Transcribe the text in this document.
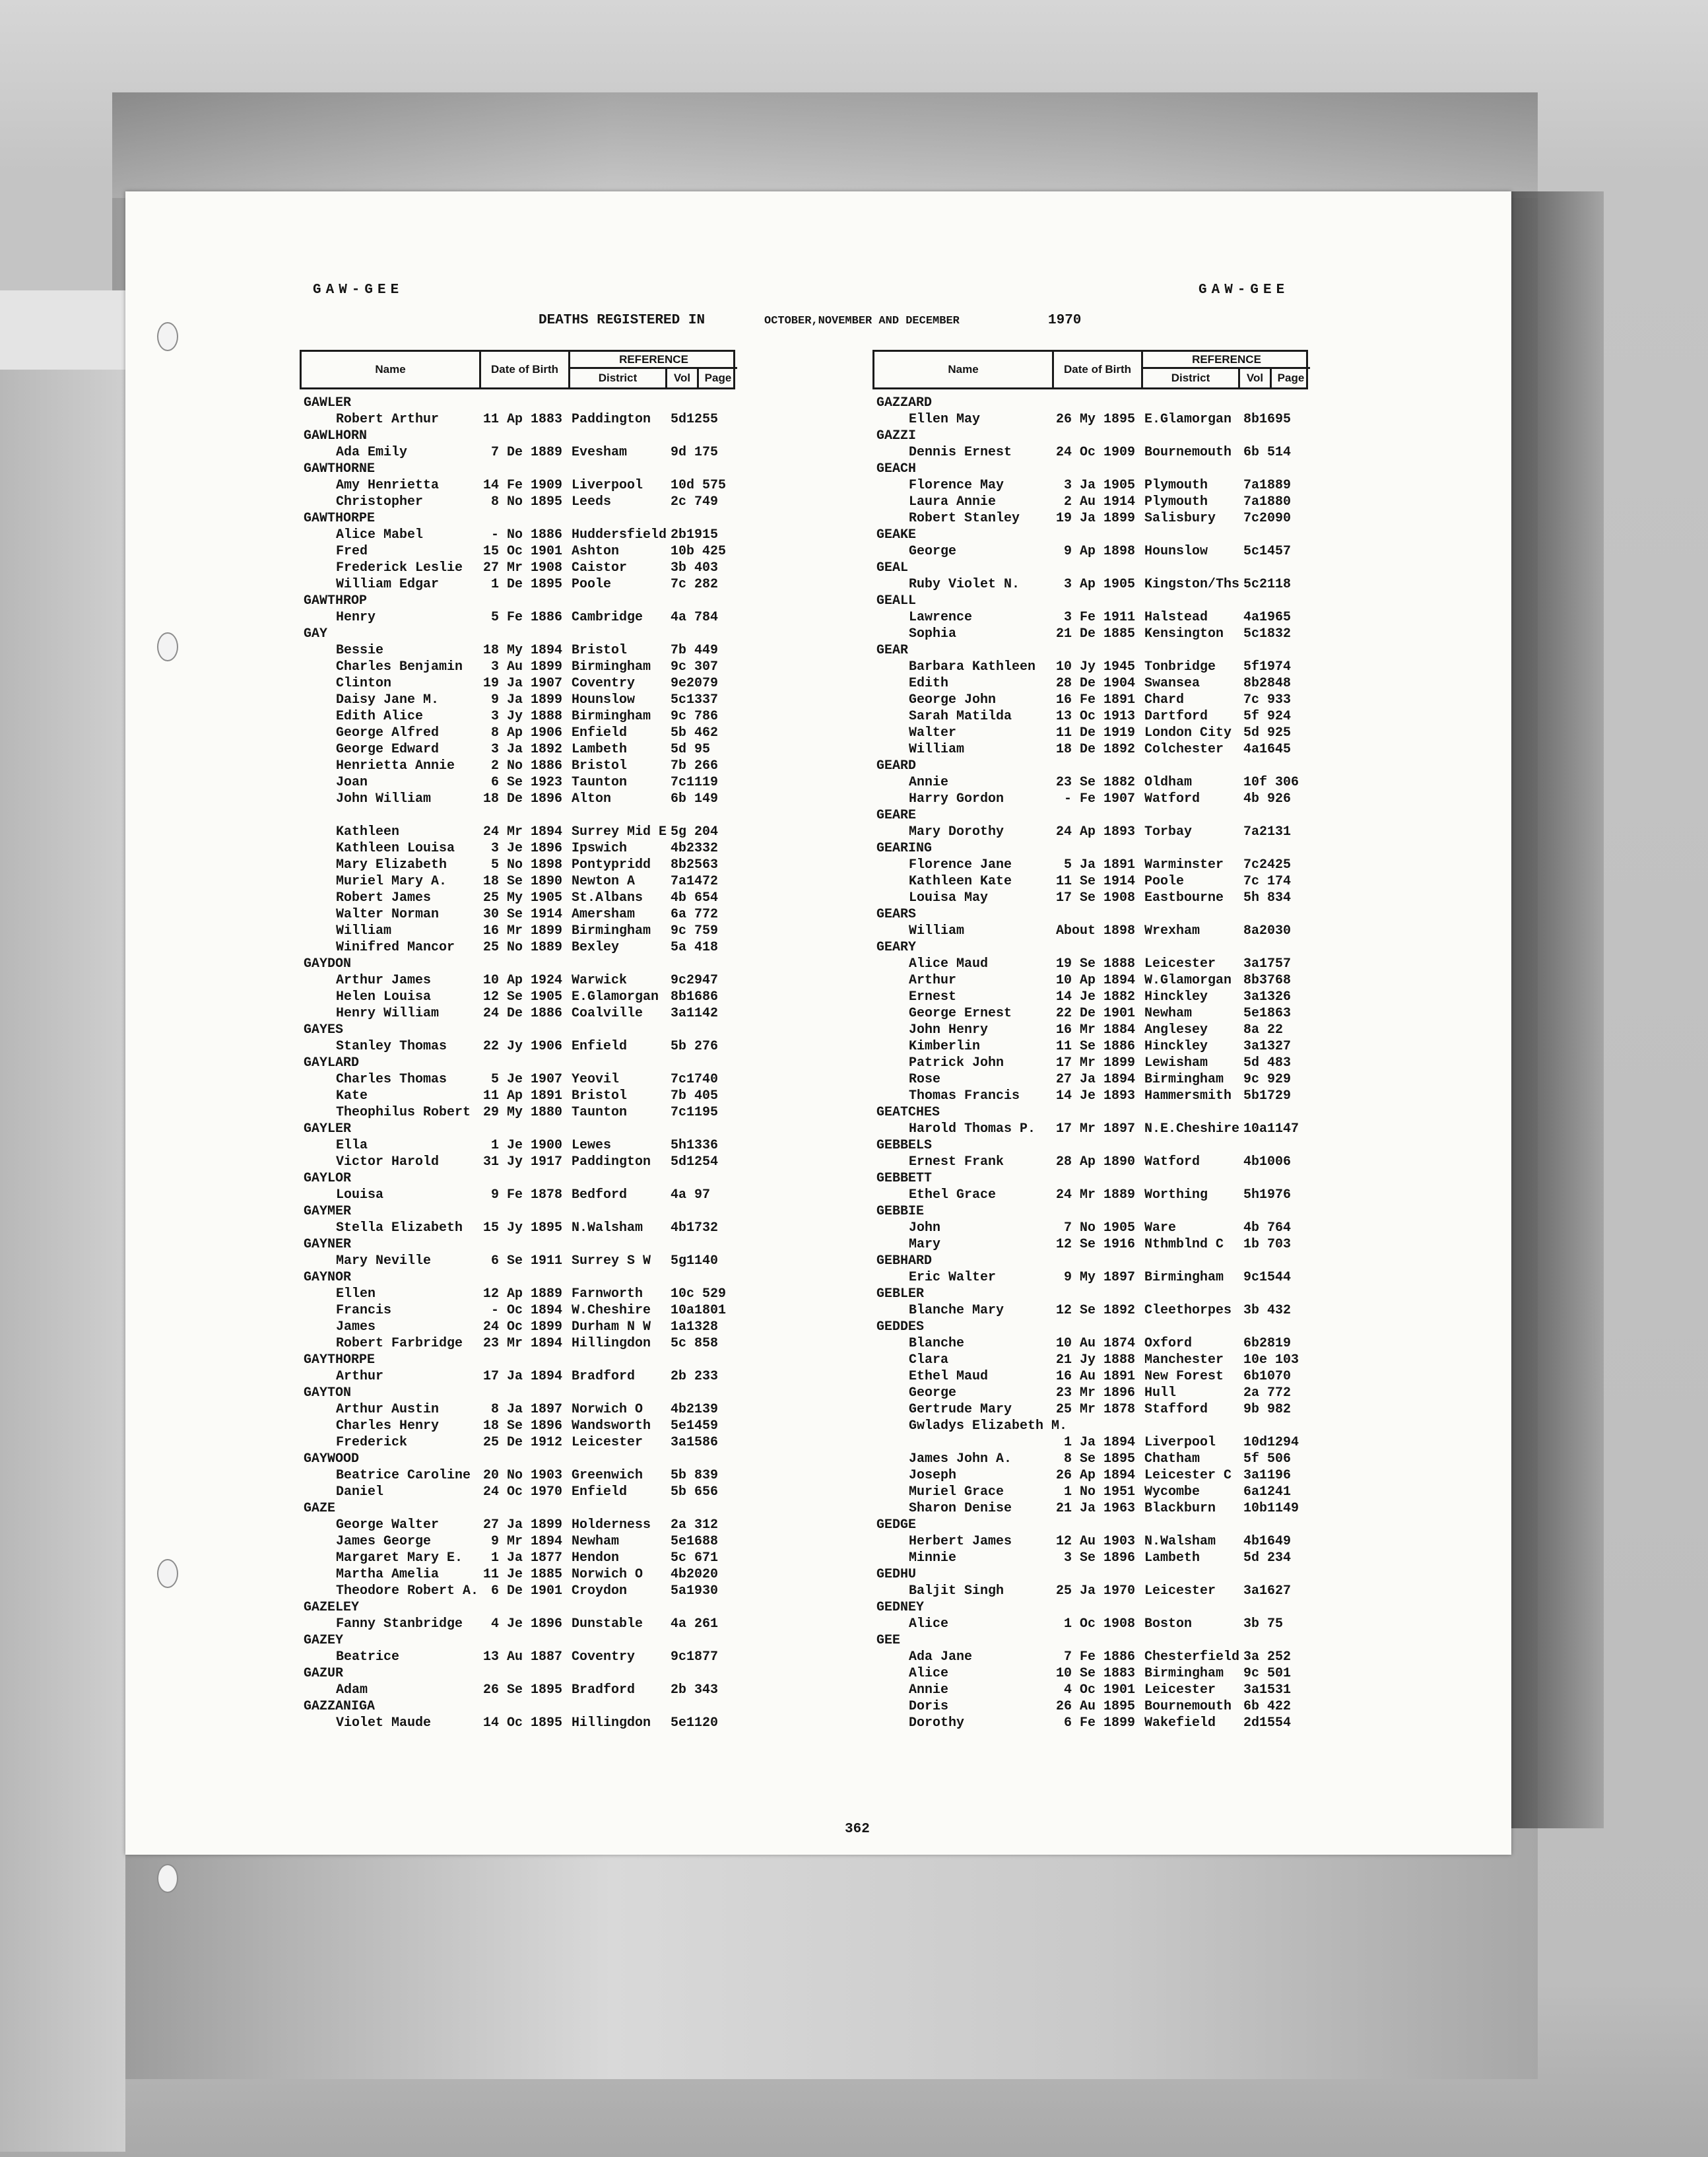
GAW-GEE	GAW-GEE
DEATHS REGISTERED IN	OCTOBER,NOVEMBER AND DECEMBER	1970
Name	Date of Birth
REFERENCE
District	Vol	Page
GAWLER
Robert Arthur	11 Ap 1883 Paddington 5d1255
GAWLHORN
Ada Emily	7 De 1889 Evesham	9d 175
GAWTHORNE
Amy Henrietta	14 Fe 1909 Liverpool 10d 575
Christopher	8 No 1895 Leeds	2c 749
GAWTHORPE
Alice Mabel	- No 1886 Huddersfield 2b1915
Fred	15 Oc 1901 Ashton	10b 425
Frederick Leslie 27 Mr 1908 Caistor	3b 403
William Edgar	1 De 1895 Poole	7c 282
GAWTHROP
Henry	5 Fe 1886 Cambridge 4a 784
GAY
Bessie	18 My 1894 Bristol	7b 449
Charles Benjamin	3 Au 1899 Birmingham 9c 307
Clinton	19 Ja 1907 Coventry	9e2079
Daisy Jane M.	9 Ja 1899 Hounslow	5c1337
Edith Alice	3 Jy 1888 Birmingham 9c 786
George Alfred	8 Ap 1906 Enfield	5b 462
George Edward	3 Ja 1892 Lambeth	5d 95
Henrietta Annie	2 No 1886 Bristol	7b 266
Joan	6 Se 1923 Taunton	7c1119
John William	18 De 1896 Alton	6b 149
Kathleen	24 Mr 1894 Surrey Mid E 5g 204
Kathleen Louisa	3 Je 1896 Ipswich	4b2332
Mary Elizabeth	5 No 1898 Pontypridd 8b2563
Muriel Mary A.	18 Se 1890 Newton A	7a1472
Robert James	25 My 1905 St.Albans 4b 654
Walter Norman	30 Se 1914 Amersham	6a 772
William	16 Mr 1899 Birmingham 9c 759
Winifred Mancor 25 No 1889 Bexley	5a 418
GAYDON
Arthur James	10 Ap 1924 Warwick	9c2947
Helen Louisa	12 Se 1905 E.Glamorgan 8b1686
Henry William	24 De 1886 Coalville 3a1142
GAYES
Stanley Thomas	22 Jy 1906 Enfield	5b 276
GAYLARD
Charles Thomas	5 Je 1907 Yeovil	7c1740
Kate	11 Ap 1891 Bristol	7b 405
Theophilus Robert 29 My 1880 Taunton	7c1195
GAYLER
Ella	1 Je 1900 Lewes	5h1336
Victor Harold	31 Jy 1917 Paddington 5d1254
GAYLOR
Louisa	9 Fe 1878 Bedford	4a 97
GAYMER
Stella Elizabeth 15 Jy 1895 N.Walsham 4b1732
GAYNER
Mary Neville	6 Se 1911 Surrey S W 5g1140
GAYNOR
Ellen	12 Ap 1889 Farnworth 10c 529
Francis	- Oc 1894 W.Cheshire 10a1801
James	24 Oc 1899 Durham N W 1a1328
Robert Farbridge 23 Mr 1894 Hillingdon 5c 858
GAYTHORPE
Arthur	17 Ja 1894 Bradford	2b 233
GAYTON
Arthur Austin	8 Ja 1897 Norwich O 4b2139
Charles Henry	18 Se 1896 Wandsworth 5e1459
Frederick	25 De 1912 Leicester 3a1586
GAYWOOD
Beatrice Caroline 20 No 1903 Greenwich 5b 839
Daniel	24 Oc 1970 Enfield	5b 656
GAZE
George Walter	27 Ja 1899 Holderness 2a 312
James George	9 Mr 1894 Newham	5e1688
Margaret Mary E.	1 Ja 1877 Hendon	5c 671
Martha Amelia	11 Je 1885 Norwich O 4b2020
Theodore Robert A. 6 De 1901 Croydon	5a1930
GAZELEY
Fanny Stanbridge	4 Je 1896 Dunstable 4a 261
GAZEY
Beatrice	13 Au 1887 Coventry	9c1877
GAZUR
Adam	26 Se 1895 Bradford	2b 343
GAZZANIGA
Violet Maude	14 Oc 1895 Hillingdon 5e1120
Name	Date of Birth
REFERENCE
District	Vol	Page
GAZZARD
Ellen May	26 My 1895 E.Glamorgan 8b1695
GAZZI
Dennis Ernest	24 Oc 1909 Bournemouth 6b 514
GEACH
Florence May	3 Ja 1905 Plymouth	7a1889
Laura Annie	2 Au 1914 Plymouth	7a1880
Robert Stanley	19 Ja 1899 Salisbury 7c2090
GEAKE
George	9 Ap 1898 Hounslow	5c1457
GEAL
Ruby Violet N.	3 Ap 1905 Kingston/Ths 5c2118
GEALL
Lawrence	3 Fe 1911 Halstead	4a1965
Sophia	21 De 1885 Kensington 5c1832
GEAR
Barbara Kathleen 10 Jy 1945 Tonbridge 5f1974
Edith	28 De 1904 Swansea	8b2848
George John	16 Fe 1891 Chard	7c 933
Sarah Matilda	13 Oc 1913 Dartford	5f 924
Walter	11 De 1919 London City 5d 925
William	18 De 1892 Colchester 4a1645
GEARD
Annie	23 Se 1882 Oldham	10f 306
Harry Gordon	- Fe 1907 Watford	4b 926
GEARE
Mary Dorothy	24 Ap 1893 Torbay	7a2131
GEARING
Florence Jane	5 Ja 1891 Warminster 7c2425
Kathleen Kate	11 Se 1914 Poole	7c 174
Louisa May	17 Se 1908 Eastbourne 5h 834
GEARS
William	About 1898 Wrexham	8a2030
GEARY
Alice Maud	19 Se 1888 Leicester 3a1757
Arthur	10 Ap 1894 W.Glamorgan 8b3768
Ernest	14 Je 1882 Hinckley	3a1326
George Ernest	22 De 1901 Newham	5e1863
John Henry	16 Mr 1884 Anglesey	8a 22
Kimberlin	11 Se 1886 Hinckley	3a1327
Patrick John	17 Mr 1899 Lewisham	5d 483
Rose	27 Ja 1894 Birmingham 9c 929
Thomas Francis	14 Je 1893 Hammersmith 5b1729
GEATCHES
Harold Thomas P. 17 Mr 1897 N.E.Cheshire 10a1147
GEBBELS
Ernest Frank	28 Ap 1890 Watford	4b1006
GEBBETT
Ethel Grace	24 Mr 1889 Worthing	5h1976
GEBBIE
John	7 No 1905 Ware	4b 764
Mary	12 Se 1916 Nthmblnd C 1b 703
GEBHARD
Eric Walter	9 My 1897 Birmingham 9c1544
GEBLER
Blanche Mary	12 Se 1892 Cleethorpes 3b 432
GEDDES
Blanche	10 Au 1874 Oxford	6b2819
Clara	21 Jy 1888 Manchester 10e 103
Ethel Maud	16 Au 1891 New Forest 6b1070
George	23 Mr 1896 Hull	2a 772
Gertrude Mary	25 Mr 1878 Stafford	9b 982
Gwladys Elizabeth M.
1 Ja 1894 Liverpool 10d1294
James John A.	8 Se 1895 Chatham	5f 506
Joseph	26 Ap 1894 Leicester C 3a1196
Muriel Grace	1 No 1951 Wycombe	6a1241
Sharon Denise	21 Ja 1963 Blackburn 10b1149
GEDGE
Herbert James	12 Au 1903 N.Walsham 4b1649
Minnie	3 Se 1896 Lambeth	5d 234
GEDHU
Baljit Singh	25 Ja 1970 Leicester 3a1627
GEDNEY
Alice	1 Oc 1908 Boston	3b 75
GEE
Ada Jane	7 Fe 1886 Chesterfield 3a 252
Alice	10 Se 1883 Birmingham 9c 501
Annie	4 Oc 1901 Leicester 3a1531
Doris	26 Au 1895 Bournemouth 6b 422
Dorothy	6 Fe 1899 Wakefield 2d1554
362
